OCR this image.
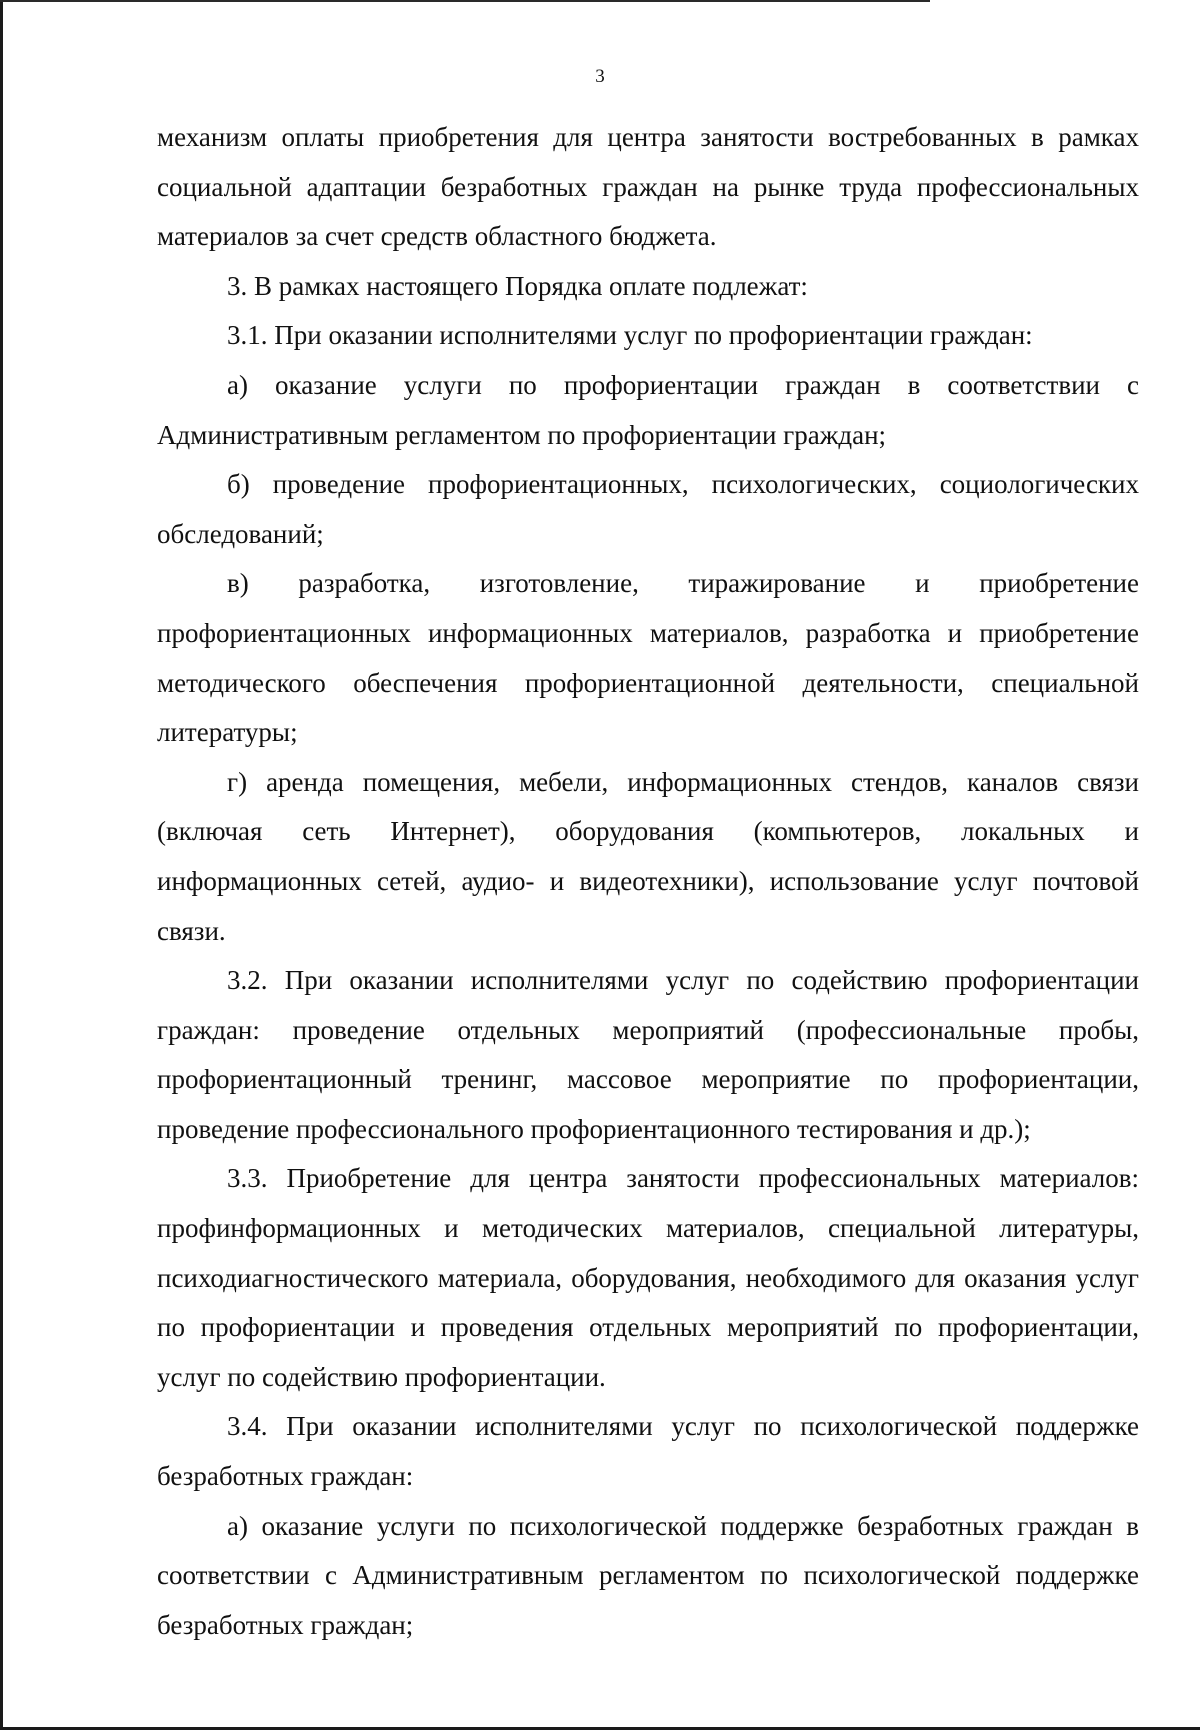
3

механизм оплаты приобретения для центра занятости востребованных в рамках социальной адаптации безработных граждан на рынке труда профессиональных материалов за счет средств областного бюджета.

3. В рамках настоящего Порядка оплате подлежат:

3.1. При оказании исполнителями услуг по профориентации граждан:

а) оказание услуги по профориентации граждан в соответствии с Административным регламентом по профориентации граждан;

б) проведение профориентационных, психологических, социологических обследований;

в) разработка, изготовление, тиражирование и приобретение профориентационных информационных материалов, разработка и приобретение методического обеспечения профориентационной деятельности, специальной литературы;

г) аренда помещения, мебели, информационных стендов, каналов связи (включая сеть Интернет), оборудования (компьютеров, локальных и информационных сетей, аудио- и видеотехники), использование услуг почтовой связи.

3.2. При оказании исполнителями услуг по содействию профориентации граждан: проведение отдельных мероприятий (профессиональные пробы, профориентационный тренинг, массовое мероприятие по профориентации, проведение профессионального профориентационного тестирования и др.);

3.3. Приобретение для центра занятости профессиональных материалов: профинформационных и методических материалов, специальной литературы, психодиагностического материала, оборудования, необходимого для оказания услуг по профориентации и проведения отдельных мероприятий по профориентации, услуг по содействию профориентации.

3.4. При оказании исполнителями услуг по психологической поддержке безработных граждан:

а) оказание услуги по психологической поддержке безработных граждан в соответствии с Административным регламентом по психологической поддержке безработных граждан;
